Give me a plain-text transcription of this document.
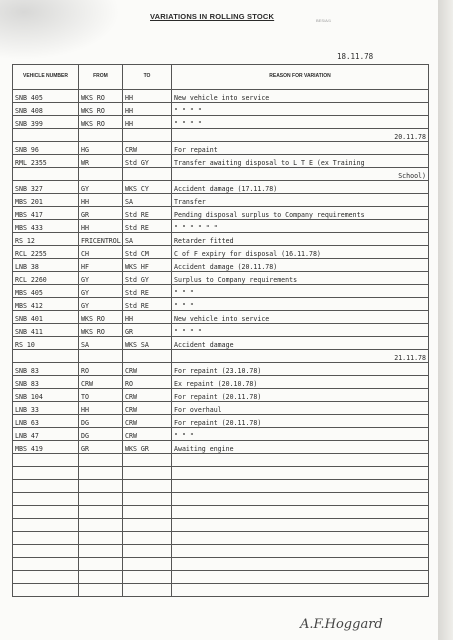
VARIATIONS IN ROLLING STOCK	BES/A/1
18.11.78
VEHICLE NUMBER	FROM	TO	REASON FOR VARIATION
SNB 405	WKS RO	HH	New vehicle into service
SNB 408	WKS RO	HH	" " " "
SNB 399	WKS RO	HH	" " " "
			20.11.78
SNB 96	HG	CRW	For repaint
RML 2355	WR	Std GY	Transfer awaiting disposal to L T E (ex Training
			School)
SNB 327	GY	WKS CY	Accident damage (17.11.78)
MBS 201	HH	SA	Transfer
MBS 417	GR	Std RE	Pending disposal surplus to Company requirements
MBS 433	HH	Std RE	" " " " " "
RS 12	FRICENTROL	SA	Retarder fitted
RCL 2255	CH	Std CM	C of F expiry for disposal (16.11.78)
LNB 38	HF	WKS HF	Accident damage (20.11.78)
RCL 2260	GY	Std GY	Surplus to Company requirements
MBS 405	GY	Std RE	" " "
MBS 412	GY	Std RE	" " "
SNB 401	WKS RO	HH	New vehicle into service
SNB 411	WKS RO	GR	" " " "
RS 10	SA	WKS SA	Accident damage
			21.11.78
SNB 83	RO	CRW	For repaint (23.10.78)
SNB 83	CRW	RO	Ex repaint (20.10.78)
SNB 104	TO	CRW	For repaint (20.11.78)
LNB 33	HH	CRW	For overhaul
LNB 63	DG	CRW	For repaint (20.11.78)
LNB 47	DG	CRW	" " "
MBS 419	GR	WKS GR	Awaiting engine

A.F.Hoggard
